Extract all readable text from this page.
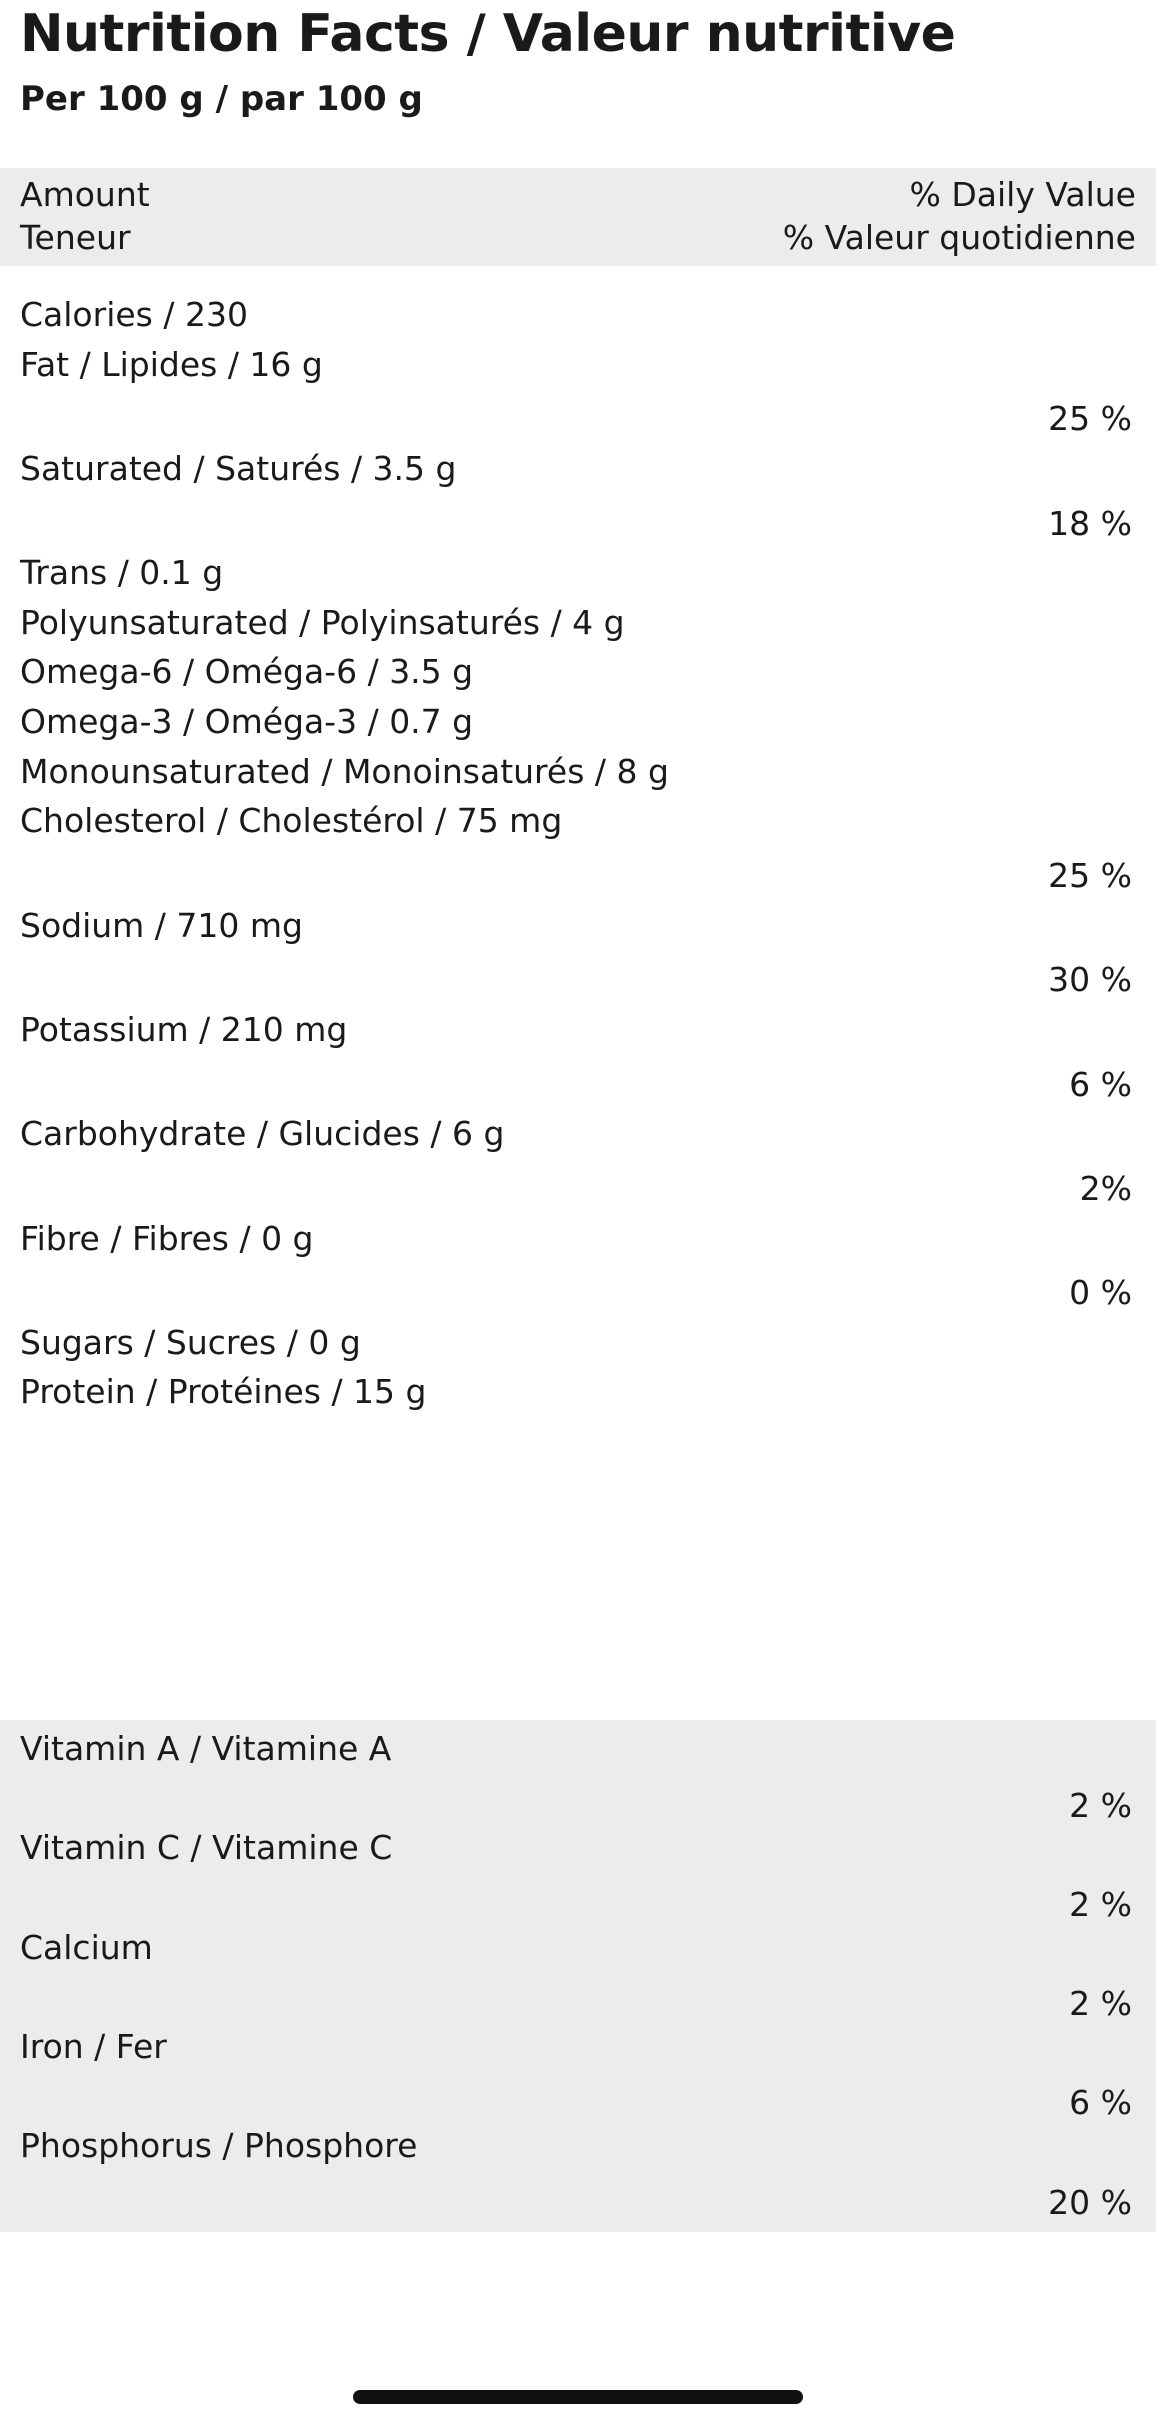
Nutrition Facts / Valeur nutritive
Per 100 g / par 100 g
Amount	% Daily Value
Teneur	% Valeur quotidienne
Calories / 230
Fat / Lipides / 16 g
25 %
Saturated / Saturés / 3.5 g
18 %
Trans / 0.1 g
Polyunsaturated / Polyinsaturés / 4 g
Omega-6 / Oméga-6 / 3.5 g
Omega-3 / Oméga-3 / 0.7 g
Monounsaturated / Monoinsaturés / 8 g
Cholesterol / Cholestérol / 75 mg
25 %
Sodium / 710 mg
30 %
Potassium / 210 mg
6 %
Carbohydrate / Glucides / 6 g
2%
Fibre / Fibres / 0 g
0 %
Sugars / Sucres / 0 g
Protein / Protéines / 15 g
Vitamin A / Vitamine A
2 %
Vitamin C / Vitamine C
2 %
Calcium
2 %
Iron / Fer
6 %
Phosphorus / Phosphore
20 %
